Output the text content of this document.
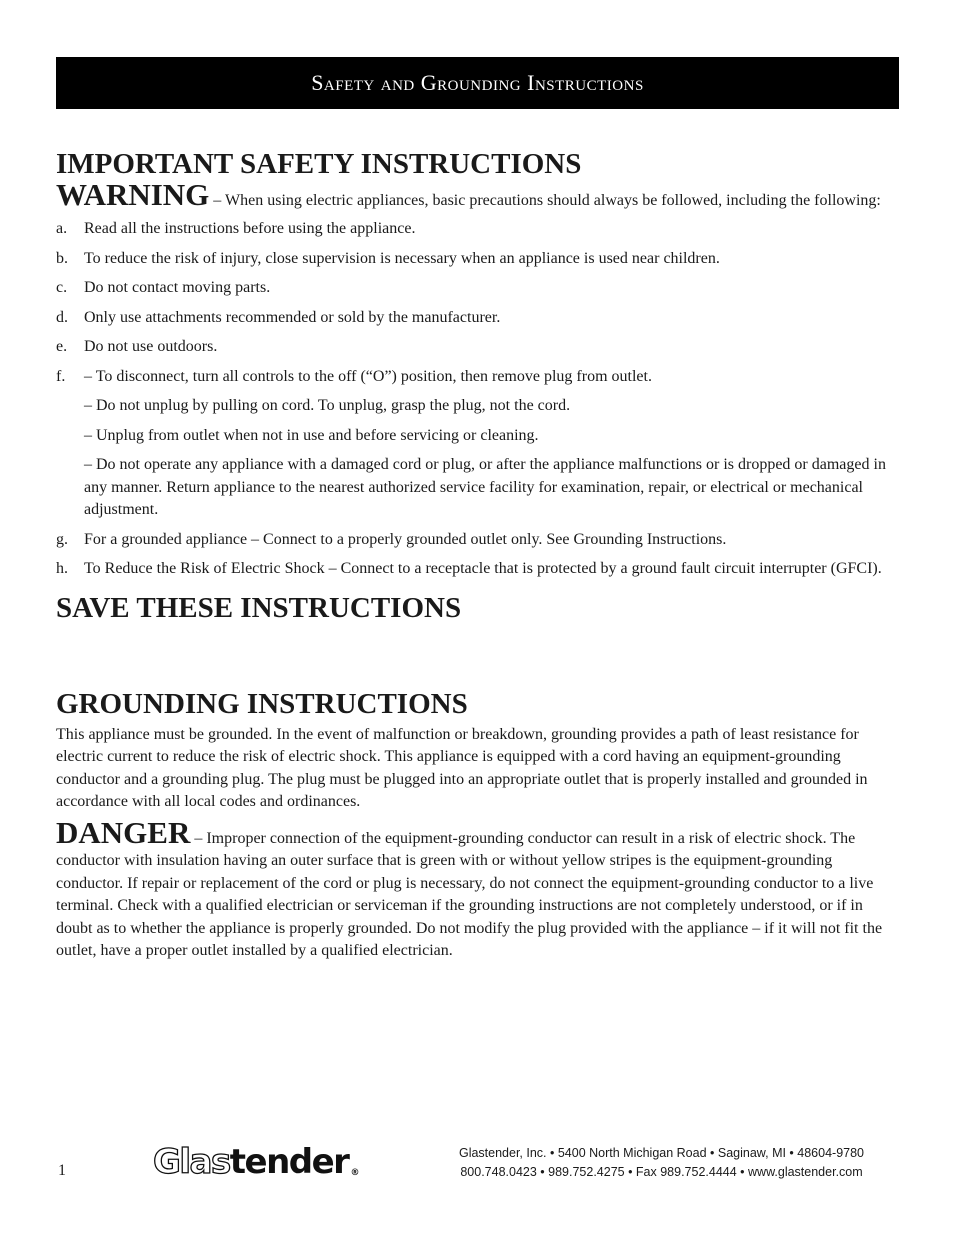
Safety and Grounding Instructions
IMPORTANT SAFETY INSTRUCTIONS

WARNING – When using electric appliances, basic precautions should always be followed, including the following:

a.	Read all the instructions before using the appliance.
b.	To reduce the risk of injury, close supervision is necessary when an appliance is used near children.
c.	Do not contact moving parts.
d.	Only use attachments recommended or sold by the manufacturer.
e.	Do not use outdoors.
f.	– To disconnect, turn all controls to the off (“O”) position, then remove plug from outlet.

– Do not unplug by pulling on cord. To unplug, grasp the plug, not the cord.

– Unplug from outlet when not in use and before servicing or cleaning.

– Do not operate any appliance with a damaged cord or plug, or after the appliance malfunctions or is dropped or damaged in any manner. Return appliance to the nearest authorized service facility for examination, repair, or electrical or mechanical adjustment.

g.	For a grounded appliance – Connect to a properly grounded outlet only. See Grounding Instructions.
h.	To Reduce the Risk of Electric Shock – Connect to a receptacle that is protected by a ground fault circuit interrupter (GFCI).
SAVE THESE INSTRUCTIONS
GROUNDING INSTRUCTIONS

This appliance must be grounded. In the event of malfunction or breakdown, grounding provides a path of least resistance for electric current to reduce the risk of electric shock. This appliance is equipped with a cord having an equipment-grounding conductor and a grounding plug. The plug must be plugged into an appropriate outlet that is properly installed and grounded in accordance with all local codes and ordinances.

DANGER – Improper connection of the equipment-grounding conductor can result in a risk of electric shock. The conductor with insulation having an outer surface that is green with or without yellow stripes is the equipment-grounding conductor. If repair or replacement of the cord or plug is necessary, do not connect the equipment-grounding conductor to a live terminal. Check with a qualified electrician or serviceman if the grounding instructions are not completely understood, or if in doubt as to whether the appliance is properly grounded. Do not modify the plug provided with the appliance – if it will not fit the outlet, have a proper outlet installed by a qualified electrician.

1	Glastender ®
Glastender, Inc. • 5400 North Michigan Road • Saginaw, MI • 48604-9780
800.748.0423 • 989.752.4275 • Fax 989.752.4444 • www.glastender.com
